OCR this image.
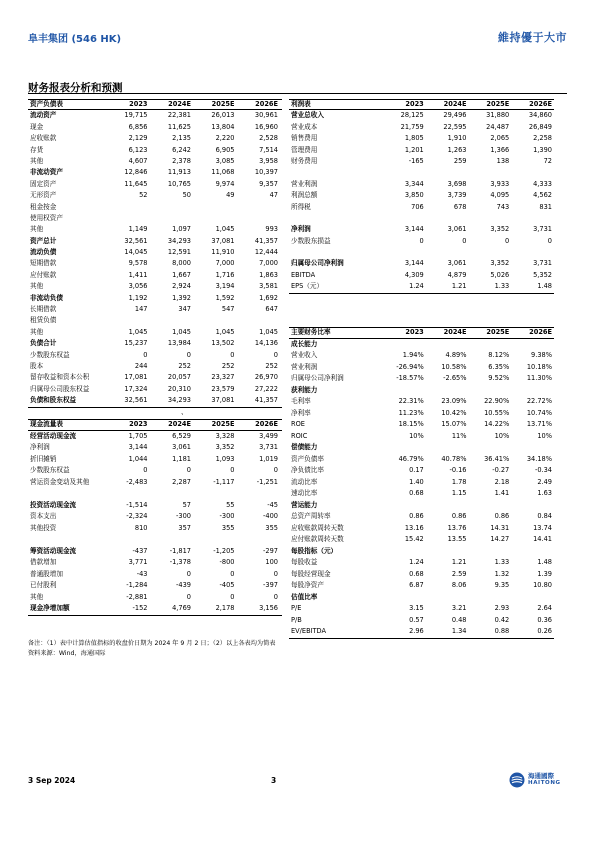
阜丰集团 (546 HK)	維持優于大市
财务报表分析和预测
资产负债表	2023	2024E	2025E	2026E
流动资产	19,715	22,381	26,013	30,961
现金	6,856	11,625	13,804	16,960
应收账款	2,129	2,135	2,220	2,528
存货	6,123	6,242	6,905	7,514
其他	4,607	2,378	3,085	3,958
非流动资产	12,846	11,913	11,068	10,397
固定资产	11,645	10,765	9,974	9,357
无形资产	52	50	49	47
租金按金
使用权资产
其他	1,149	1,097	1,045	993
资产总计	32,561	34,293	37,081	41,357
流动负债	14,045	12,591	11,910	12,444
短期借款	9,578	8,000	7,000	7,000
应付账款	1,411	1,667	1,716	1,863
其他	3,056	2,924	3,194	3,581
非流动负债	1,192	1,392	1,592	1,692
长期借款	147	347	547	647
租赁负债
其他	1,045	1,045	1,045	1,045
负债合计	15,237	13,984	13,502	14,136
少数股东权益	0	0	0	0
股本	244	252	252	252
留存收益和资本公积	17,081	20,057	23,327	26,970
归属母公司股东权益	17,324	20,310	23,579	27,222
负债和股东权益	32,561	34,293	37,081	41,357
、
现金流量表	2023	2024E	2025E	2026E
经营活动现金流	1,705	6,529	3,328	3,499
净利润	3,144	3,061	3,352	3,731
折旧摊销	1,044	1,181	1,093	1,019
少数股东权益	0	0	0	0
营运资金变动及其他	-2,483	2,287	-1,117	-1,251
投资活动现金流	-1,514	57	55	-45
资本支出	-2,324	-300	-300	-400
其他投资	810	357	355	355
筹资活动现金流	-437	-1,817	-1,205	-297
借款增加	3,771	-1,378	-800	100
普通股增加	-43	0	0	0
已付股利	-1,284	-439	-405	-397
其他	-2,881	0	0	0
现金净增加额	-152	4,769	2,178	3,156
利润表	2023	2024E	2025E	2026E
营业总收入	28,125	29,496	31,880	34,860
营业成本	21,759	22,595	24,487	26,849
销售费用	1,805	1,910	2,065	2,258
管理费用	1,201	1,263	1,366	1,390
财务费用	-165	259	138	72
营业利润	3,344	3,698	3,933	4,333
利润总额	3,850	3,739	4,095	4,562
所得税	706	678	743	831
净利润	3,144	3,061	3,352	3,731
少数股东损益	0	0	0	0
归属母公司净利润	3,144	3,061	3,352	3,731
EBITDA	4,309	4,879	5,026	5,352
EPS（元）	1.24	1.21	1.33	1.48
主要财务比率	2023	2024E	2025E	2026E
成长能力
营业收入	1.94%	4.89%	8.12%	9.38%
营业利润	-26.94%	10.58%	6.35%	10.18%
归属母公司净利润	-18.57%	-2.65%	9.52%	11.30%
获利能力
毛利率	22.31%	23.09%	22.90%	22.72%
净利率	11.23%	10.42%	10.55%	10.74%
ROE	18.15%	15.07%	14.22%	13.71%
ROIC	10%	11%	10%	10%
偿债能力
资产负债率	46.79%	40.78%	36.41%	34.18%
净负债比率	0.17	-0.16	-0.27	-0.34
流动比率	1.40	1.78	2.18	2.49
速动比率	0.68	1.15	1.41	1.63
营运能力
总资产周转率	0.86	0.86	0.86	0.84
应收账款周转天数	13.16	13.76	14.31	13.74
应付账款周转天数	15.42	13.55	14.27	14.41
每股指标（元）
每股收益	1.24	1.21	1.33	1.48
每股经营现金	0.68	2.59	1.32	1.39
每股净资产	6.87	8.06	9.35	10.80
估值比率
P/E	3.15	3.21	2.93	2.64
P/B	0.57	0.48	0.42	0.36
EV/EBITDA	2.96	1.34	0.88	0.26
备注：（1）表中计算估值指标的收盘价日期为 2024 年 9 月 2 日；（2）以上各表均为简表
资料来源：Wind，海通国际
3 Sep 2024	3	海通國際
HAITONG
